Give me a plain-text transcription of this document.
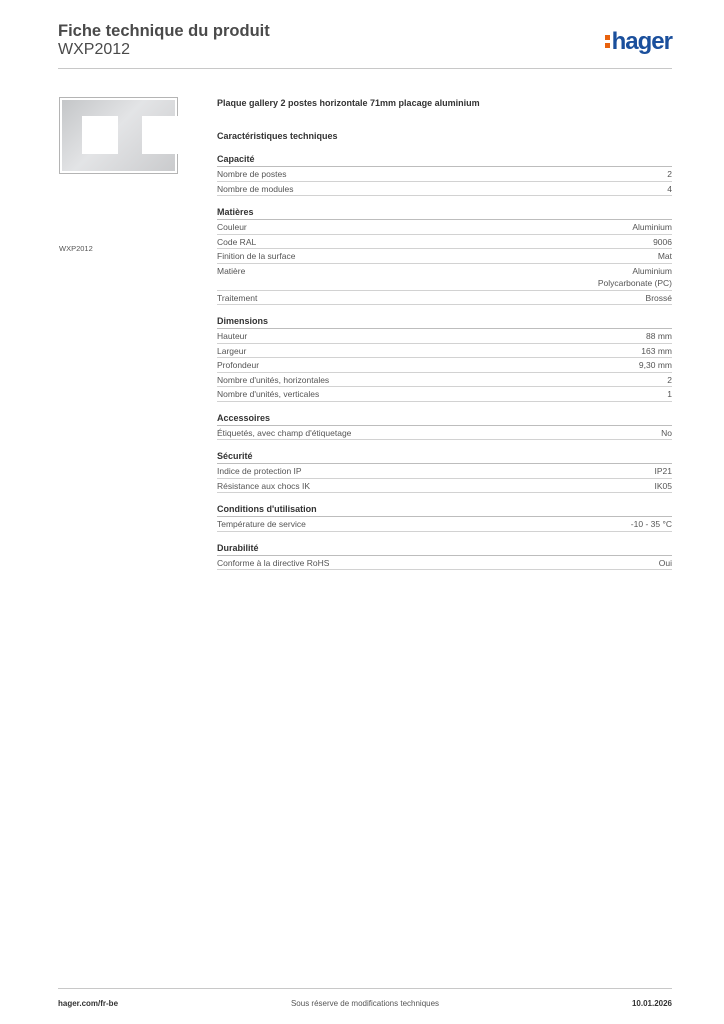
Fiche technique du produit
WXP2012	hager
WXP2012
Plaque gallery 2 postes horizontale 71mm placage aluminium
Caractéristiques techniques
Capacité
Nombre de postes	2
Nombre de modules	4
Matières
Couleur	Aluminium
Code RAL	9006
Finition de la surface	Mat
Matière	Aluminium
Polycarbonate (PC)
Traitement	Brossé
Dimensions
Hauteur	88 mm
Largeur	163 mm
Profondeur	9,30 mm
Nombre d'unités, horizontales	2
Nombre d'unités, verticales	1
Accessoires
Étiquetés, avec champ d'étiquetage	No
Sécurité
Indice de protection IP	IP21
Résistance aux chocs IK	IK05
Conditions d'utilisation
Température de service	-10 - 35 °C
Durabilité
Conforme à la directive RoHS	Oui
hager.com/fr-be	Sous réserve de modifications techniques	10.01.2026
